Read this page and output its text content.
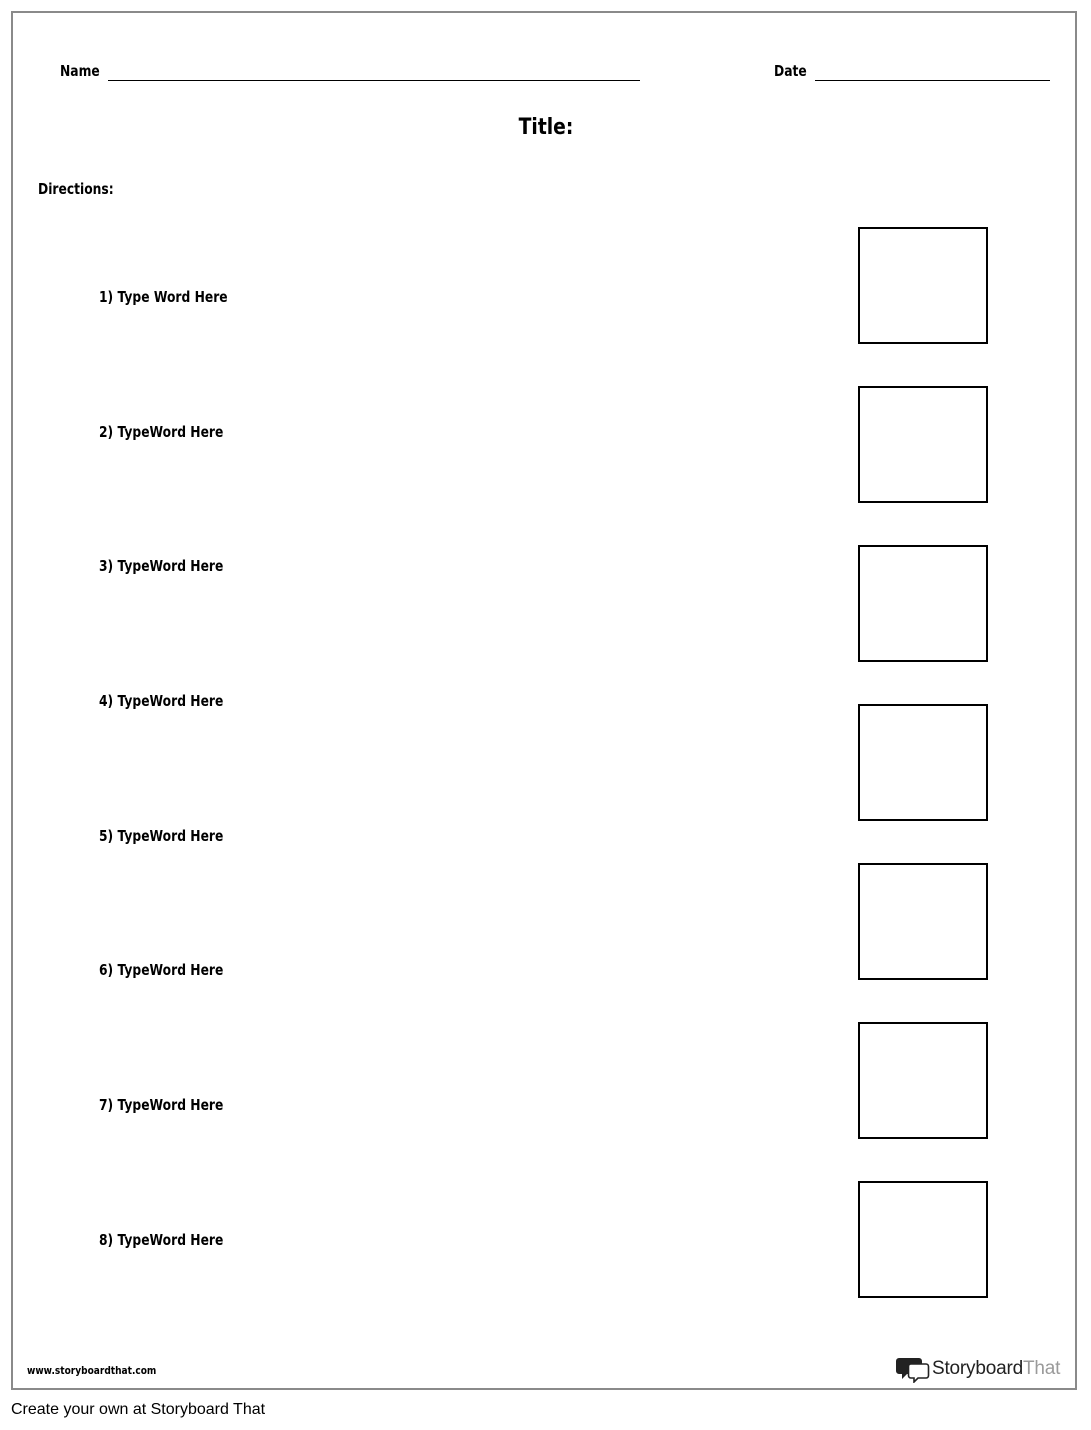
Name	Date
Title:
Directions:
1) Type Word Here
2) TypeWord Here
3) TypeWord Here
4) TypeWord Here
5) TypeWord Here
6) TypeWord Here
7) TypeWord Here
8) TypeWord Here
www.storyboardthat.com	StoryboardThat
Create your own at Storyboard That
